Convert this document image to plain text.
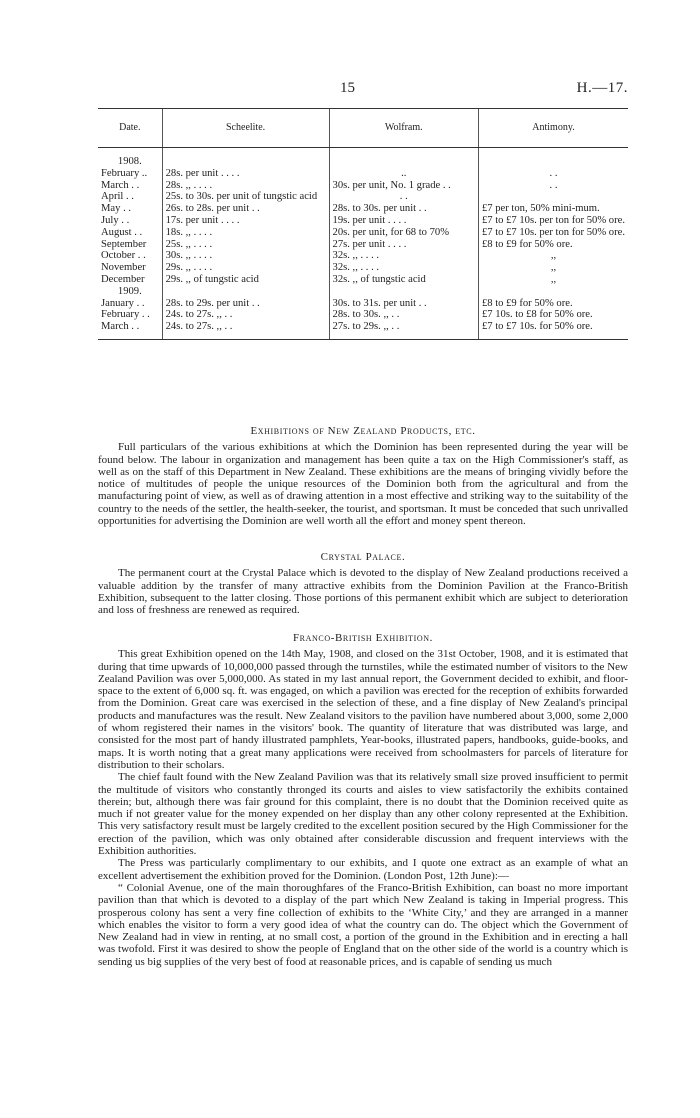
15	H.—17.
Date.	Scheelite.	Wolfram.	Antimony.
1908.			
February ..	28s. per unit . . . .	..	. .
March . .	28s. ,, . . . .	30s. per unit, No. 1 grade . .	. .
April . .	25s. to 30s. per unit of tungstic acid	. .	
May . .	26s. to 28s. per unit . .	28s. to 30s. per unit . .	£7 per ton, 50% mini-mum.
July . .	17s. per unit . . . .	19s. per unit . . . .	£7 to £7 10s. per ton for 50% ore.
August . .	18s. ,, . . . .	20s. per unit, for 68 to 70%	£7 to £7 10s. per ton for 50% ore.
September	25s. ,, . . . .	27s. per unit . . . .	£8 to £9 for 50% ore.
October . .	30s. ,, . . . .	32s. ,, . . . .	,,
November	29s. ,, . . . .	32s. ,, . . . .	,,
December	29s. ,, of tungstic acid	32s. ,, of tungstic acid	,,
1909.			
January . .	28s. to 29s. per unit . .	30s. to 31s. per unit . .	£8 to £9 for 50% ore.
February . .	24s. to 27s. ,, . .	28s. to 30s. ,, . .	£7 10s. to £8 for 50% ore.
March . .	24s. to 27s. ,, . .	27s. to 29s. ,, . .	£7 to £7 10s. for 50% ore.
Exhibitions of New Zealand Products, etc.

Full particulars of the various exhibitions at which the Dominion has been represented during the year will be found below. The labour in organization and management has been quite a tax on the High Commissioner's staff, as well as on the staff of this Department in New Zealand. These exhibitions are the means of bringing vividly before the notice of multitudes of people the unique resources of the Dominion both from the agricultural and from the manufacturing point of view, as well as of drawing attention in a most effective and striking way to the suitability of the country to the needs of the settler, the health-seeker, the tourist, and sportsman. It must be conceded that such unrivalled opportunities for advertising the Dominion are well worth all the effort and money spent thereon.

Crystal Palace.

The permanent court at the Crystal Palace which is devoted to the display of New Zealand productions received a valuable addition by the transfer of many attractive exhibits from the Dominion Pavilion at the Franco-British Exhibition, subsequent to the latter closing. Those portions of this permanent exhibit which are subject to deterioration and loss of freshness are renewed as required.

Franco-British Exhibition.

This great Exhibition opened on the 14th May, 1908, and closed on the 31st October, 1908, and it is estimated that during that time upwards of 10,000,000 passed through the turnstiles, while the estimated number of visitors to the New Zealand Pavilion was over 5,000,000. As stated in my last annual report, the Government decided to exhibit, and floor-space to the extent of 6,000 sq. ft. was engaged, on which a pavilion was erected for the reception of exhibits forwarded from the Dominion. Great care was exercised in the selection of these, and a fine display of New Zealand's principal products and manufactures was the result. New Zealand visitors to the pavilion have numbered about 3,000, some 2,000 of whom registered their names in the visitors' book. The quantity of literature that was distributed was large, and consisted for the most part of handy illustrated pamphlets, Year-books, illustrated papers, handbooks, guide-books, and maps. It is worth noting that a great many applications were received from schoolmasters for parcels of literature for distribution to their scholars.

The chief fault found with the New Zealand Pavilion was that its relatively small size proved insufficient to permit the multitude of visitors who constantly thronged its courts and aisles to view satisfactorily the exhibits contained therein; but, although there was fair ground for this complaint, there is no doubt that the Dominion received quite as much if not greater value for the money expended on her display than any other colony represented at the Exhibition. This very satisfactory result must be largely credited to the excellent position secured by the High Commissioner for the erection of the pavilion, which was only obtained after considerable discussion and frequent interviews with the Exhibition authorities.

The Press was particularly complimentary to our exhibits, and I quote one extract as an example of what an excellent advertisement the exhibition proved for the Dominion. (London Post, 12th June):—

“ Colonial Avenue, one of the main thoroughfares of the Franco-British Exhibition, can boast no more important pavilion than that which is devoted to a display of the part which New Zealand is taking in Imperial progress. This prosperous colony has sent a very fine collection of exhibits to the ‘White City,’ and they are arranged in a manner which enables the visitor to form a very good idea of what the country can do. The object which the Government of New Zealand had in view in renting, at no small cost, a portion of the ground in the Exhibition and in erecting a hall was twofold. First it was desired to show the people of England that on the other side of the world is a country which is sending us big supplies of the very best of food at reasonable prices, and is capable of sending us much
